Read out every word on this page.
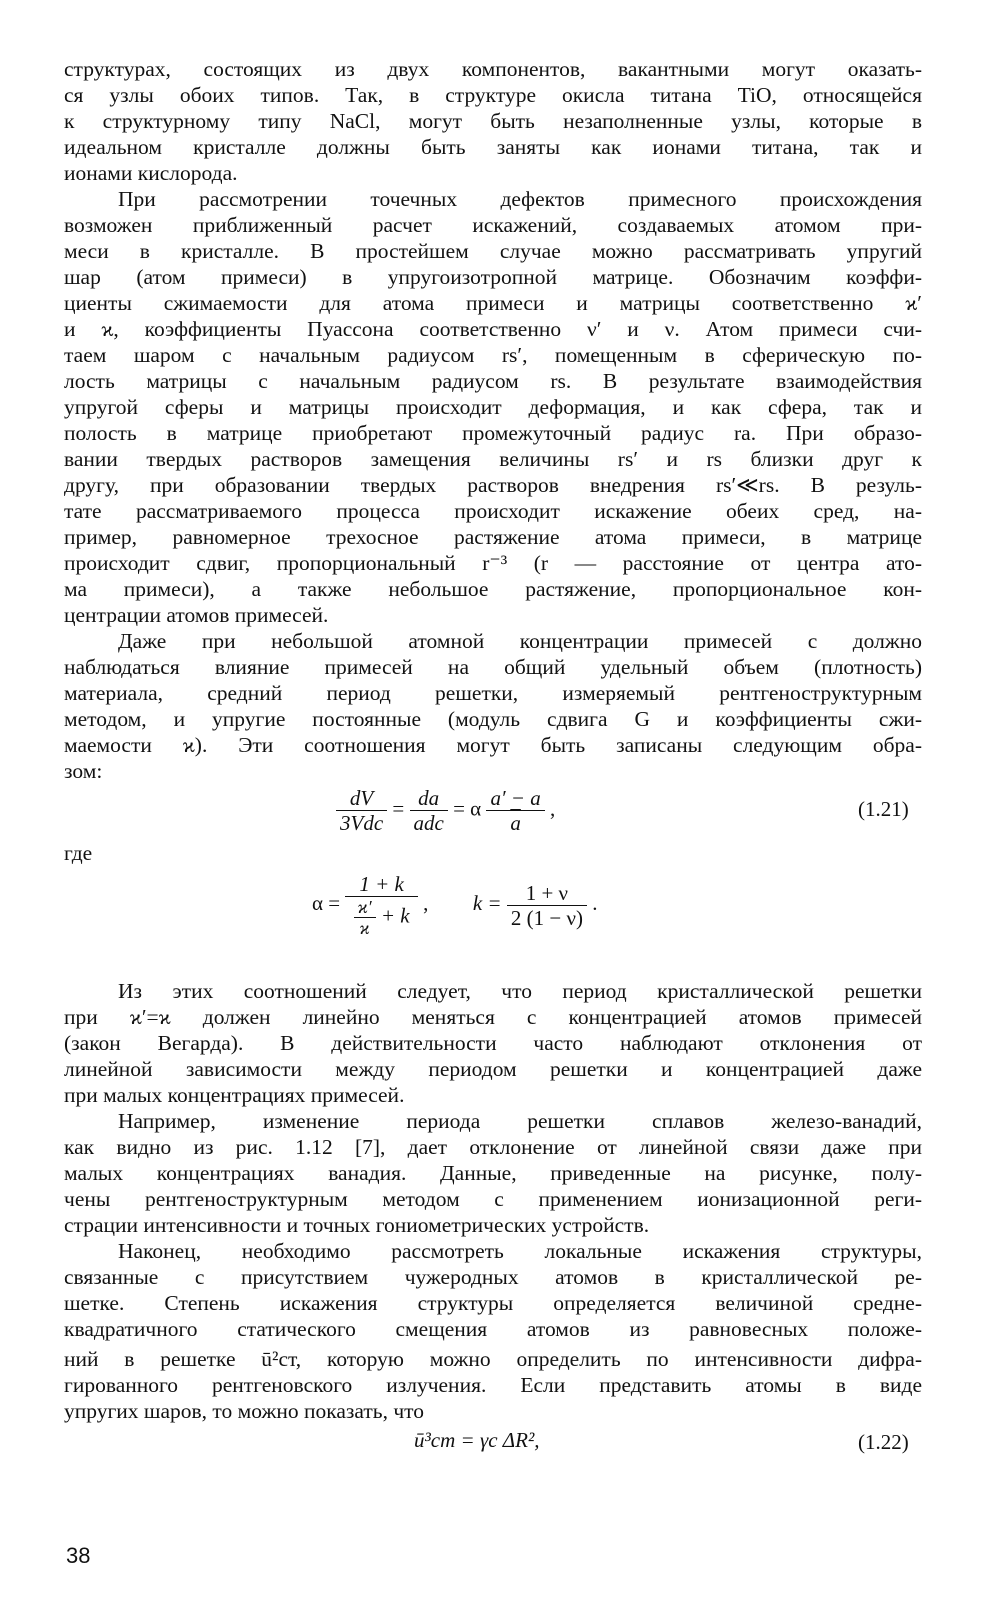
структурах, состоящих из двух компонентов, вакантными могут оказать-
ся узлы обоих типов. Так, в структуре окисла титана TiO, относящейся
к структурному типу NaCl, могут быть незаполненные узлы, которые в
идеальном кристалле должны быть заняты как ионами титана, так и
ионами кислорода.
При рассмотрении точечных дефектов примесного происхождения
возможен приближенный расчет искажений, создаваемых атомом при-
меси в кристалле. В простейшем случае можно рассматривать упругий
шар (атом примеси) в упругоизотропной матрице. Обозначим коэффи-
циенты сжимаемости для атома примеси и матрицы соответственно ϰ′
и ϰ, коэффициенты Пуассона соответственно ν′ и ν. Атом примеси счи-
таем шаром с начальным радиусом rs′, помещенным в сферическую по-
лость матрицы с начальным радиусом rs. В результате взаимодействия
упругой сферы и матрицы происходит деформация, и как сфера, так и
полость в матрице приобретают промежуточный радиус ra. При образо-
вании твердых растворов замещения величины rs′ и rs близки друг к
другу, при образовании твердых растворов внедрения rs′≪rs. В резуль-
тате рассматриваемого процесса происходит искажение обеих сред, на-
пример, равномерное трехосное растяжение атома примеси, в матрице
происходит сдвиг, пропорциональный r⁻³ (r — расстояние от центра ато-
ма примеси), а также небольшое растяжение, пропорциональное кон-
центрации атомов примесей.
Даже при небольшой атомной концентрации примесей c должно
наблюдаться влияние примесей на общий удельный объем (плотность)
материала, средний период решетки, измеряемый рентгеноструктурным
методом, и упругие постоянные (модуль сдвига G и коэффициенты сжи-
маемости ϰ). Эти соотношения могут быть записаны следующим обра-
зом:
$\frac{dV}{\text{3Vdc}} = \frac{da}{\text{adc}} = \alpha \frac{a' - a}{a}$ ,	(1.21)
где
$\alpha = \frac{1 + k}{\frac{ϰ'}{ϰ} + k}$ , $k = \frac{1 + \nu}{2 (1 - \nu)}$ .
Из этих соотношений следует, что период кристаллической решетки
при ϰ′=ϰ должен линейно меняться с концентрацией атомов примесей
(закон Вегарда). В действительности часто наблюдают отклонения от
линейной зависимости между периодом решетки и концентрацией даже
при малых концентрациях примесей.
Например, изменение периода решетки сплавов железо-ванадий,
как видно из рис. 1.12 [7], дает отклонение от линейной связи даже при
малых концентрациях ванадия. Данные, приведенные на рисунке, полу-
чены рентгеноструктурным методом с применением ионизационной реги-
страции интенсивности и точных гониометрических устройств.
Наконец, необходимо рассмотреть локальные искажения структуры,
связанные с присутствием чужеродных атомов в кристаллической ре-
шетке. Степень искажения структуры определяется величиной средне-
квадратичного статического смещения атомов из равновесных положе-
ний в решетке ū²ст, которую можно определить по интенсивности дифра-
гированного рентгеновского излучения. Если представить атомы в виде
упругих шаров, то можно показать, что
ū³ст = γc ΔR²,	(1.22)
38
